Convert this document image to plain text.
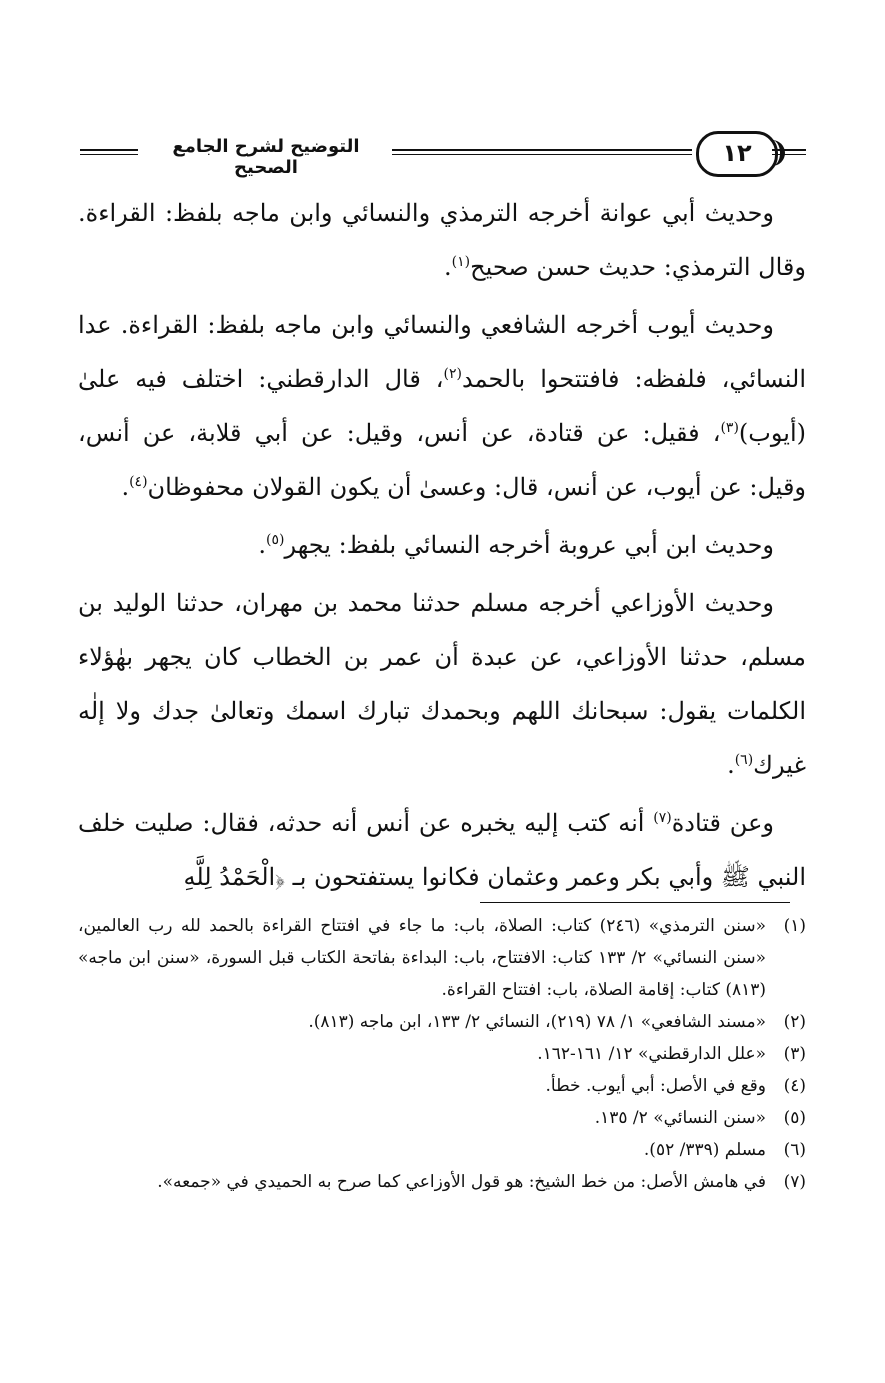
التوضيح لشرح الجامع الصحيح
١٢

وحديث أبي عوانة أخرجه الترمذي والنسائي وابن ماجه بلفظ: القراءة. وقال الترمذي: حديث حسن صحيح$^{(١)}$.

وحديث أيوب أخرجه الشافعي والنسائي وابن ماجه بلفظ: القراءة. عدا النسائي، فلفظه: فافتتحوا بالحمد$^{(٢)}$، قال الدارقطني: اختلف فيه علىٰ (أيوب)$^{(٣)}$، فقيل: عن قتادة، عن أنس، وقيل: عن أبي قلابة، عن أنس، وقيل: عن أيوب، عن أنس، قال: وعسىٰ أن يكون القولان محفوظان$^{(٤)}$.

وحديث ابن أبي عروبة أخرجه النسائي بلفظ: يجهر$^{(٥)}$.

وحديث الأوزاعي أخرجه مسلم حدثنا محمد بن مهران، حدثنا الوليد بن مسلم، حدثنا الأوزاعي، عن عبدة أن عمر بن الخطاب كان يجهر بهٰؤلاء الكلمات يقول: سبحانك اللهم وبحمدك تبارك اسمك وتعالىٰ جدك ولا إلٰه غيرك$^{(٦)}$.

وعن قتادة$^{(٧)}$ أنه كتب إليه يخبره عن أنس أنه حدثه، فقال: صليت خلف النبي ﷺ وأبي بكر وعمر وعثمان فكانوا يستفتحون بـ ﴿الْحَمْدُ لِلَّهِ

(١)
«سنن الترمذي» (٢٤٦) كتاب: الصلاة، باب: ما جاء في افتتاح القراءة بالحمد لله رب العالمين، «سنن النسائي» ٢/ ١٣٣ كتاب: الافتتاح، باب: البداءة بفاتحة الكتاب قبل السورة، «سنن ابن ماجه» (٨١٣) كتاب: إقامة الصلاة، باب: افتتاح القراءة.
(٢)
«مسند الشافعي» ١/ ٧٨ (٢١٩)، النسائي ٢/ ١٣٣، ابن ماجه (٨١٣).
(٣)
«علل الدارقطني» ١٢/ ١٦١-١٦٢.
(٤)
وقع في الأصل: أبي أيوب. خطأ.
(٥)
«سنن النسائي» ٢/ ١٣٥.
(٦)
مسلم (٣٣٩/ ٥٢).
(٧)
في هامش الأصل: من خط الشيخ: هو قول الأوزاعي كما صرح به الحميدي في «جمعه».
